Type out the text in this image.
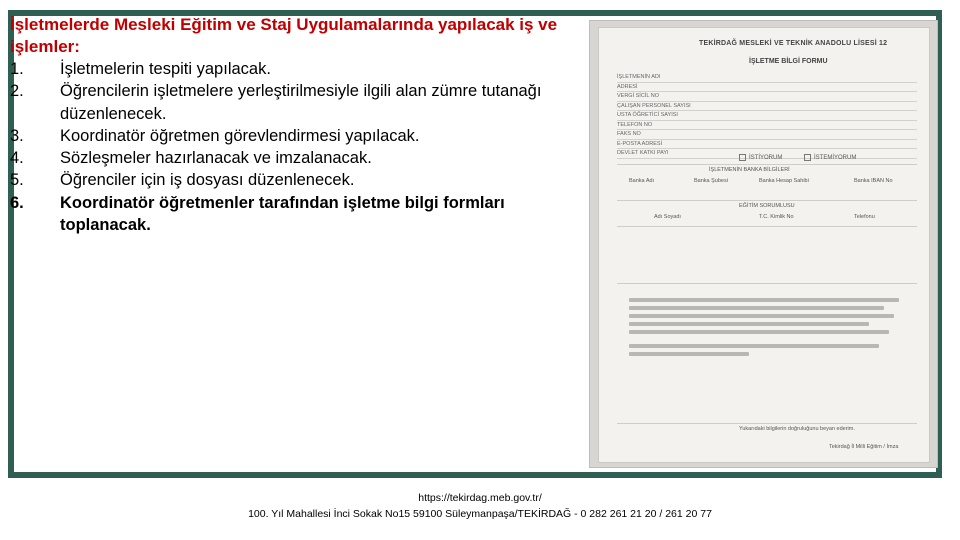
İşletmelerde Mesleki Eğitim ve Staj Uygulamalarında yapılacak iş ve işlemler:

1.	İşletmelerin tespiti yapılacak.
2.	Öğrencilerin işletmelere yerleştirilmesiyle ilgili alan zümre tutanağı düzenlenecek.
3.	Koordinatör öğretmen görevlendirmesi yapılacak.
4.	Sözleşmeler hazırlanacak ve imzalanacak.
5.	Öğrenciler için iş dosyası düzenlenecek.
6.	Koordinatör öğretmenler tarafından işletme bilgi formları toplanacak.
TEKİRDAĞ MESLEKİ VE TEKNİK ANADOLU LİSESİ 12
İŞLETME BİLGİ FORMU
İŞLETMENİN ADI
ADRESİ
VERGİ SİCİL NO
ÇALIŞAN PERSONEL SAYISI
USTA ÖĞRETİCİ SAYISI
TELEFON NO
FAKS NO
E-POSTA ADRESİ
DEVLET KATKI PAYI
İSTİYORUM	İSTEMİYORUM
İŞLETMENİN BANKA BİLGİLERİ
Banka Adı	Banka Şubesi	Banka Hesap Sahibi	Banka IBAN No
EĞİTİM SORUMLUSU
Adı Soyadı	T.C. Kimlik No	Telefonu
Yukarıdaki bilgilerin doğruluğunu beyan ederim.
Tekirdağ İl Milli Eğitim / İmza
https://tekirdag.meb.gov.tr/
100. Yıl Mahallesi İnci Sokak No15 59100 Süleymanpaşa/TEKİRDAĞ - 0 282 261 21 20 / 261 20 77
